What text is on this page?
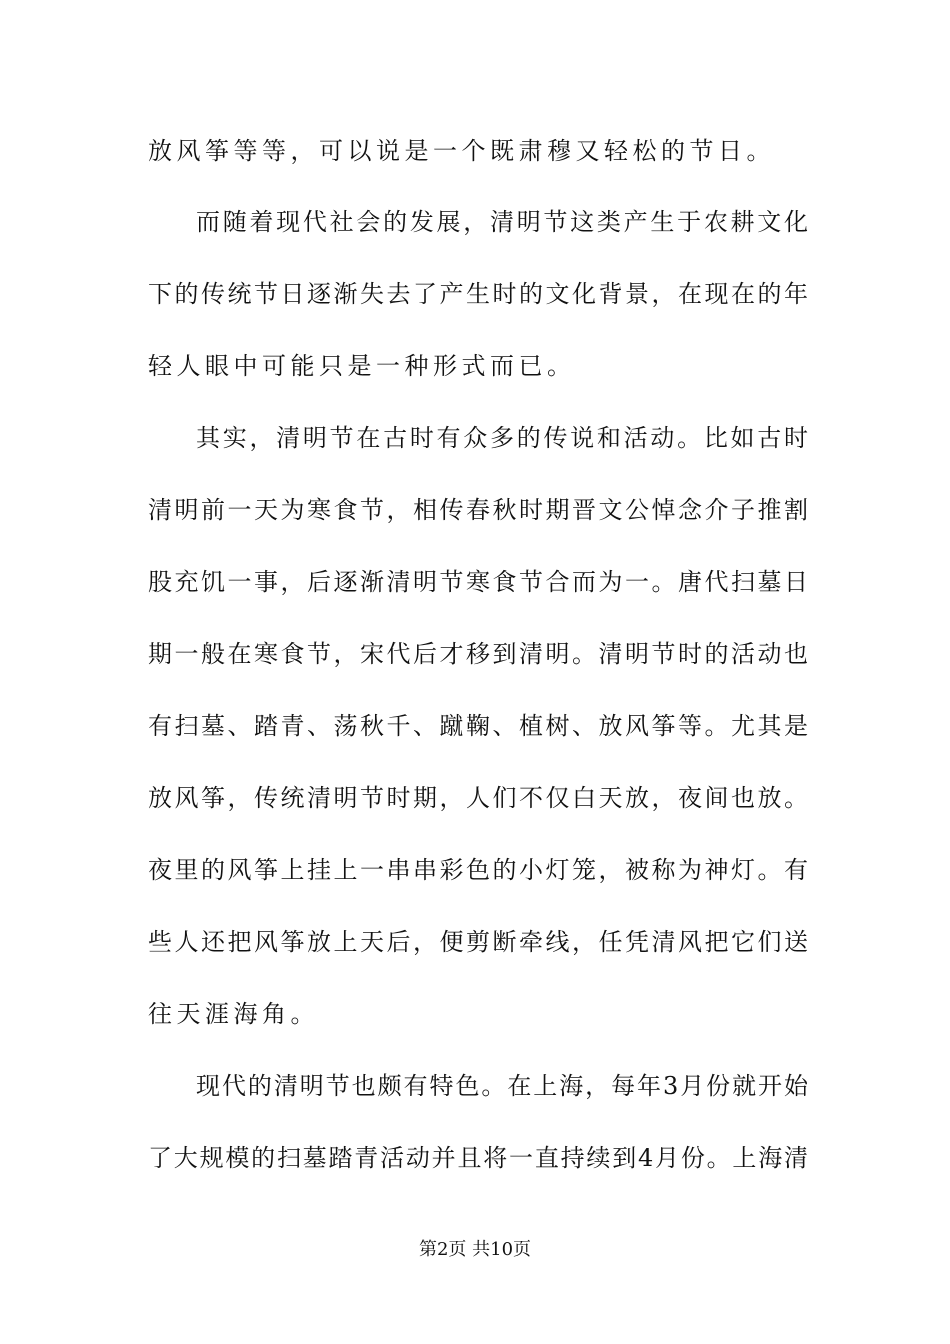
放风筝等等，可以说是一个既肃穆又轻松的节日。
而随着现代社会的发展，清明节这类产生于农耕文化
下的传统节日逐渐失去了产生时的文化背景，在现在的年
轻人眼中可能只是一种形式而已。
其实，清明节在古时有众多的传说和活动。比如古时
清明前一天为寒食节，相传春秋时期晋文公悼念介子推割
股充饥一事，后逐渐清明节寒食节合而为一。唐代扫墓日
期一般在寒食节，宋代后才移到清明。清明节时的活动也
有扫墓、踏青、荡秋千、蹴鞠、植树、放风筝等。尤其是
放风筝，传统清明节时期，人们不仅白天放，夜间也放。
夜里的风筝上挂上一串串彩色的小灯笼，被称为神灯。有
些人还把风筝放上天后，便剪断牵线，任凭清风把它们送
往天涯海角。
现代的清明节也颇有特色。在上海，每年3月份就开始
了大规模的扫墓踏青活动并且将一直持续到4月份。上海清
第2页 共10页
